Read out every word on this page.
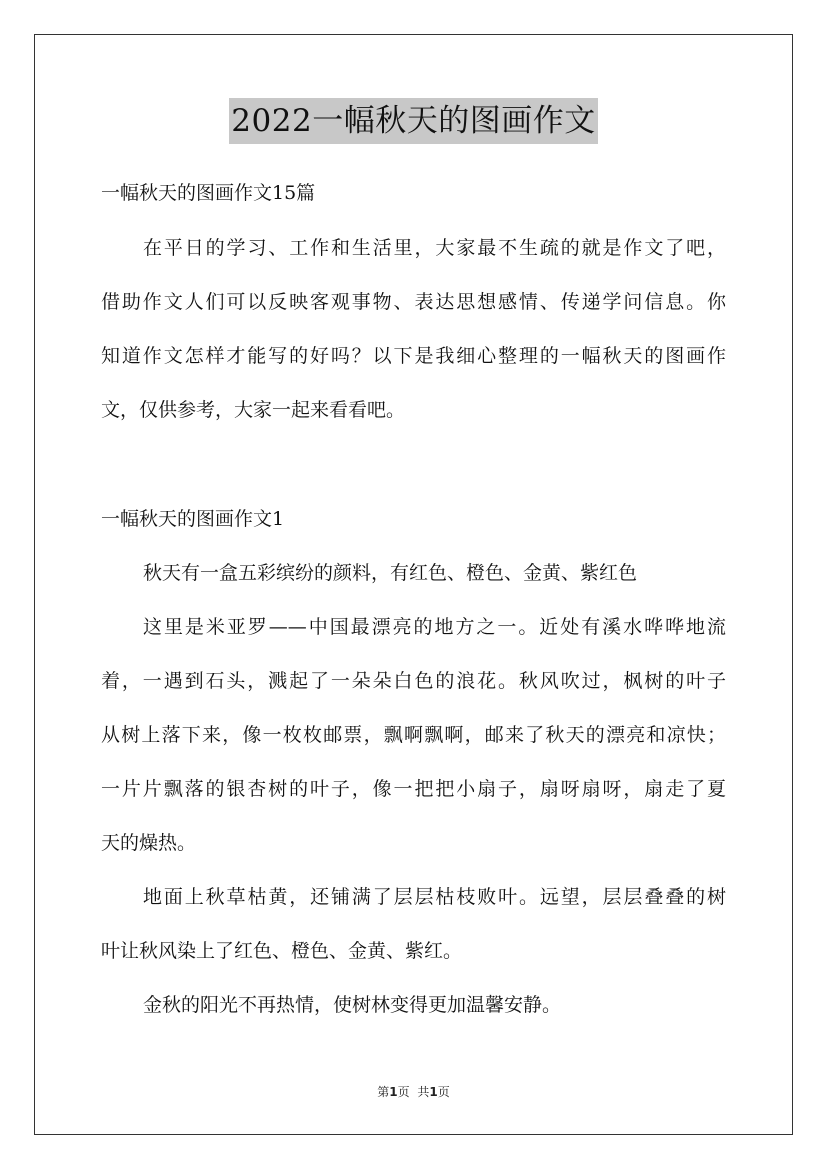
2022一幅秋天的图画作文
一幅秋天的图画作文15篇
在平日的学习、工作和生活里，大家最不生疏的就是作文了吧，
借助作文人们可以反映客观事物、表达思想感情、传递学问信息。你
知道作文怎样才能写的好吗？以下是我细心整理的一幅秋天的图画作
文，仅供参考，大家一起来看看吧。
一幅秋天的图画作文1
秋天有一盒五彩缤纷的颜料，有红色、橙色、金黄、紫红色
这里是米亚罗——中国最漂亮的地方之一。近处有溪水哗哗地流
着，一遇到石头，溅起了一朵朵白色的浪花。秋风吹过，枫树的叶子
从树上落下来，像一枚枚邮票，飘啊飘啊，邮来了秋天的漂亮和凉快；
一片片飘落的银杏树的叶子，像一把把小扇子，扇呀扇呀，扇走了夏
天的燥热。
地面上秋草枯黄，还铺满了层层枯枝败叶。远望，层层叠叠的树
叶让秋风染上了红色、橙色、金黄、紫红。
金秋的阳光不再热情，使树林变得更加温馨安静。
第1页 共1页
